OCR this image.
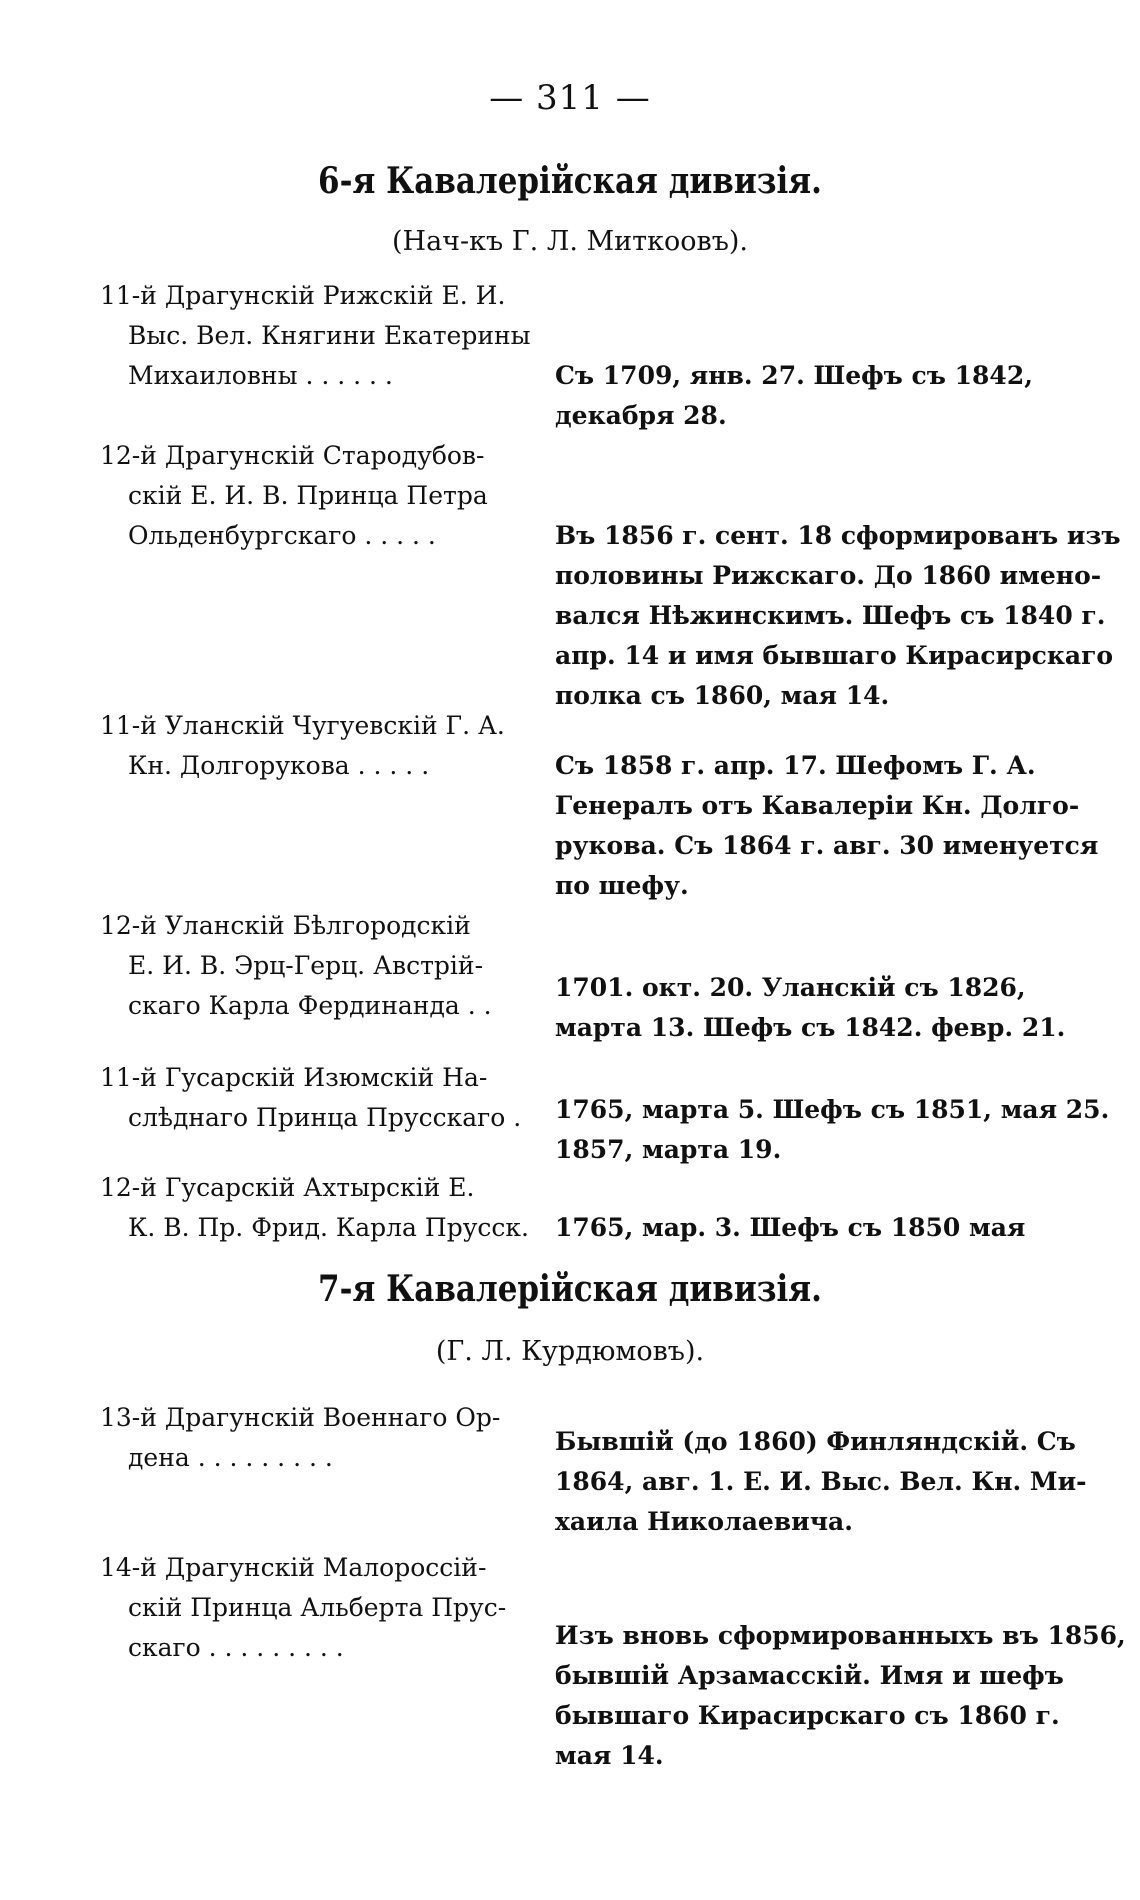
— 311 —
6-я Кавалерійская дивизія.
(Нач-къ Г. Л. Миткоовъ).
11-й Драгунскій Рижскій Е. И.
Выс. Вел. Княгини Екатерины
Михаиловны . . . . . .	Съ 1709, янв. 27. Шефъ съ 1842,
декабря 28.
12-й Драгунскій Стародубов-
скій Е. И. В. Принца Петра
Ольденбургскаго . . . . .	Въ 1856 г. сент. 18 сформированъ изъ
половины Рижскаго. До 1860 имено-
вался Нѣжинскимъ. Шефъ съ 1840 г.
апр. 14 и имя бывшаго Кирасирскаго
полка съ 1860, мая 14.
11-й Уланскій Чугуевскій Г. А.
Кн. Долгорукова . . . . .	Съ 1858 г. апр. 17. Шефомъ Г. А.
Генералъ отъ Кавалеріи Кн. Долго-
рукова. Съ 1864 г. авг. 30 именуется
по шефу.
12-й Уланскій Бѣлгородскій
Е. И. В. Эрц-Герц. Австрій-
скаго Карла Фердинанда . .
1701. окт. 20. Уланскій съ 1826,
марта 13. Шефъ съ 1842. февр. 21.
11-й Гусарскій Изюмскій На-
слѣднаго Принца Прусскаго .	1765, марта 5. Шефъ съ 1851, мая 25.
1857, марта 19.
12-й Гусарскій Ахтырскій Е.
К. В. Пр. Фрид. Карла Прусск.	1765, мар. 3. Шефъ съ 1850 мая
7-я Кавалерійская дивизія.
(Г. Л. Курдюмовъ).
13-й Драгунскій Военнаго Ор-
дена . . . . . . . . .
Бывшій (до 1860) Финляндскій. Съ
1864, авг. 1. Е. И. Выс. Вел. Кн. Ми-
хаила Николаевича.
14-й Драгунскій Малороссій-
скій Принца Альберта Прус-
скаго . . . . . . . . .	Изъ вновь сформированныхъ въ 1856,
бывшій Арзамасскій. Имя и шефъ
бывшаго Кирасирскаго съ 1860 г.
мая 14.
